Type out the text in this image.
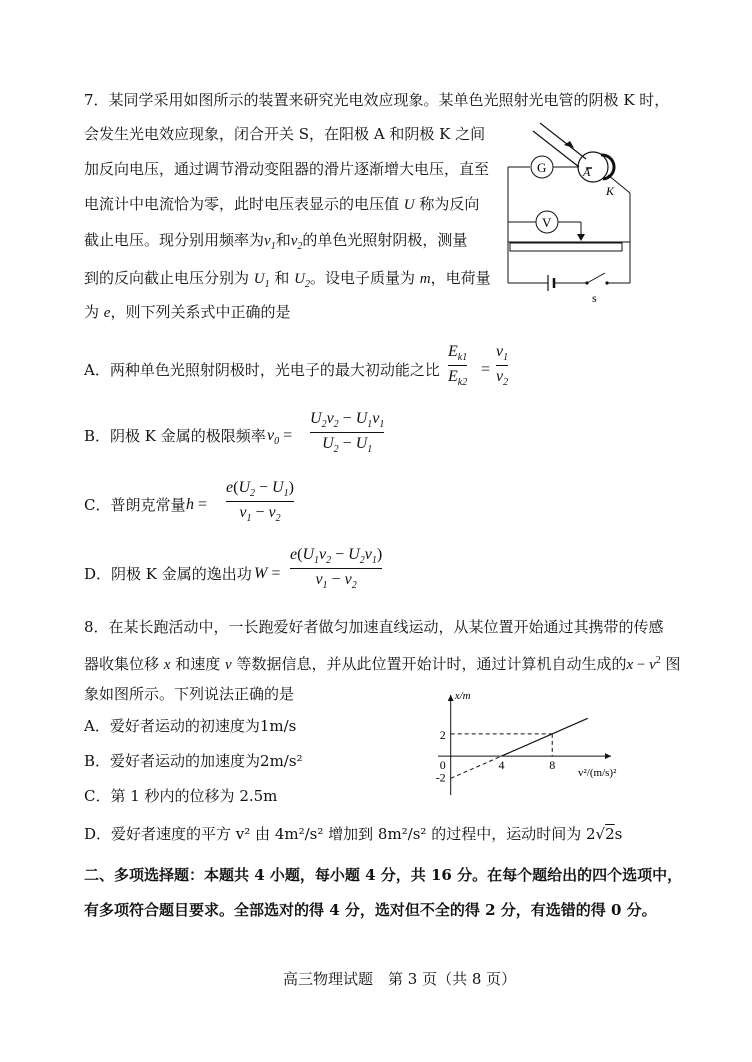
7．某同学采用如图所示的装置来研究光电效应现象。某单色光照射光电管的阴极 K 时，
会发生光电效应现象，闭合开关 S，在阳极 A 和阴极 K 之间
加反向电压，通过调节滑动变阻器的滑片逐渐增大电压，直至
电流计中电流恰为零，此时电压表显示的电压值 U 称为反向
截止电压。现分别用频率为$\nu_1$和$\nu_2$的单色光照射阴极，测量
到的反向截止电压分别为 $U_1$ 和 $U_2$。设电子质量为 m，电荷量
为 e，则下列关系式中正确的是
A
K
G
V
s
A．两种单色光照射阴极时，光电子的最大初动能之比
$E_{k1}$
$E_{k2}$
=
$\nu_1$
$\nu_2$
B．阴极 K 金属的极限频率 $\nu_0$ =
$U_2\nu_2 - U_1\nu_1$
$U_2 - U_1$
C．普朗克常量 h =
$e(U_2 - U_1)$
$\nu_1 - \nu_2$
D．阴极 K 金属的逸出功 W =
$e(U_1\nu_2 - U_2\nu_1)$
$\nu_1 - \nu_2$
8．在某长跑活动中，一长跑爱好者做匀加速直线运动，从某位置开始通过其携带的传感
器收集位移 x 和速度 v 等数据信息，并从此位置开始计时，通过计算机自动生成的$x - v^2$ 图
象如图所示。下列说法正确的是
A．爱好者运动的初速度为1m/s
B．爱好者运动的加速度为2m/s²
C．第 1 秒内的位移为 2.5m
D．爱好者速度的平方 v² 由 4m²/s² 增加到 8m²/s² 的过程中，运动时间为 2√2s
x/m
v²/(m/s)²
2
-2
0	4	8
二、多项选择题：本题共 4 小题，每小题 4 分，共 16 分。在每个题给出的四个选项中，
有多项符合题目要求。全部选对的得 4 分，选对但不全的得 2 分，有选错的得 0 分。
高三物理试题　第 3 页（共 8 页）
